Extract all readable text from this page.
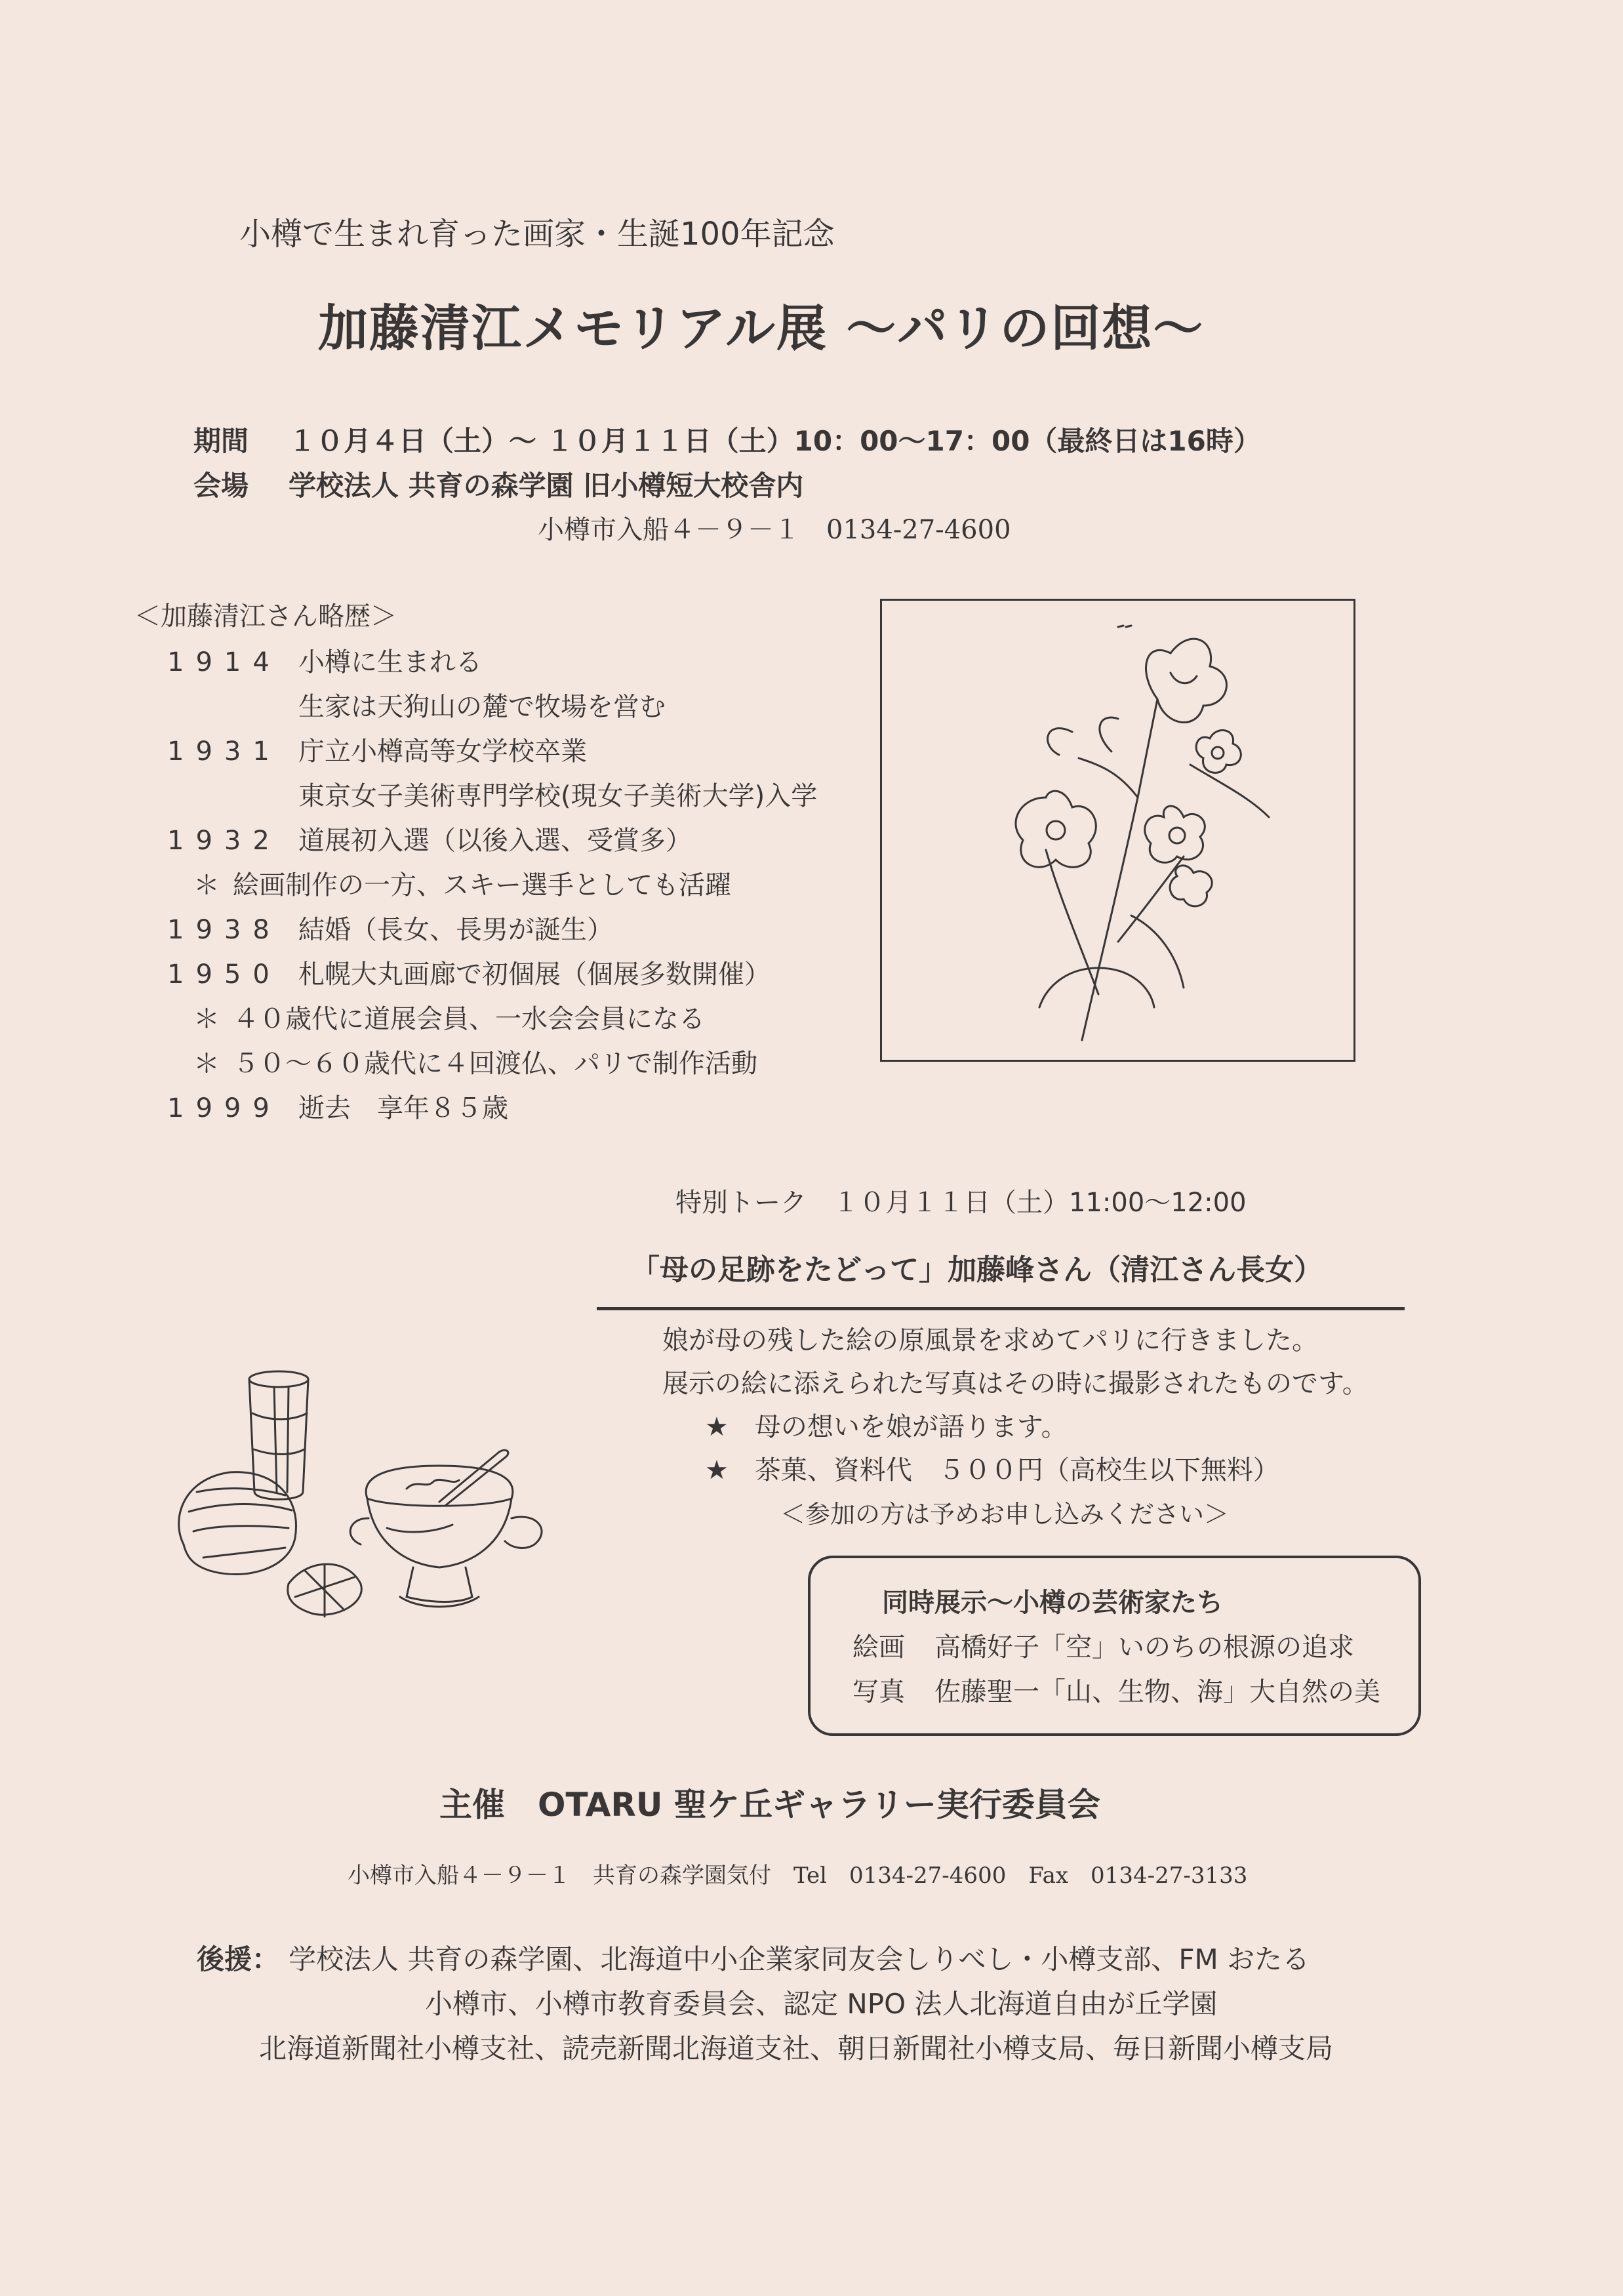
小樽で生まれ育った画家・生誕100年記念
加藤清江メモリアル展 ～パリの回想～
期間 １０月４日（土）～ １０月１１日（土）10：00～17：00（最終日は16時）
会場 学校法人 共育の森学園 旧小樽短大校舎内
小樽市入船４－９－１　0134-27-4600
＜加藤清江さん略歴＞
1914 小樽に生まれる
生家は天狗山の麓で牧場を営む
1931 庁立小樽高等女学校卒業
東京女子美術専門学校(現女子美術大学)入学
1932 道展初入選（以後入選、受賞多）
＊ 絵画制作の一方、スキー選手としても活躍
1938 結婚（長女、長男が誕生）
1950 札幌大丸画廊で初個展（個展多数開催）
＊ ４０歳代に道展会員、一水会会員になる
＊ ５０～６０歳代に４回渡仏、パリで制作活動
1999 逝去　享年８５歳
特別トーク　１０月１１日（土）11:00～12:00
「母の足跡をたどって」加藤峰さん（清江さん長女）
娘が母の残した絵の原風景を求めてパリに行きました。
展示の絵に添えられた写真はその時に撮影されたものです。
★　母の想いを娘が語ります。
★　茶菓、資料代　５００円（高校生以下無料）
＜参加の方は予めお申し込みください＞
同時展示～小樽の芸術家たち
絵画 高橋好子「空」いのちの根源の追求
写真 佐藤聖一「山、生物、海」大自然の美
主催　OTARU 聖ケ丘ギャラリー実行委員会
小樽市入船４－９－１　共育の森学園気付　Tel　0134-27-4600　Fax　0134-27-3133
後援： 学校法人 共育の森学園、北海道中小企業家同友会しりべし・小樽支部、FM おたる
小樽市、小樽市教育委員会、認定 NPO 法人北海道自由が丘学園
北海道新聞社小樽支社、読売新聞北海道支社、朝日新聞社小樽支局、毎日新聞小樽支局
